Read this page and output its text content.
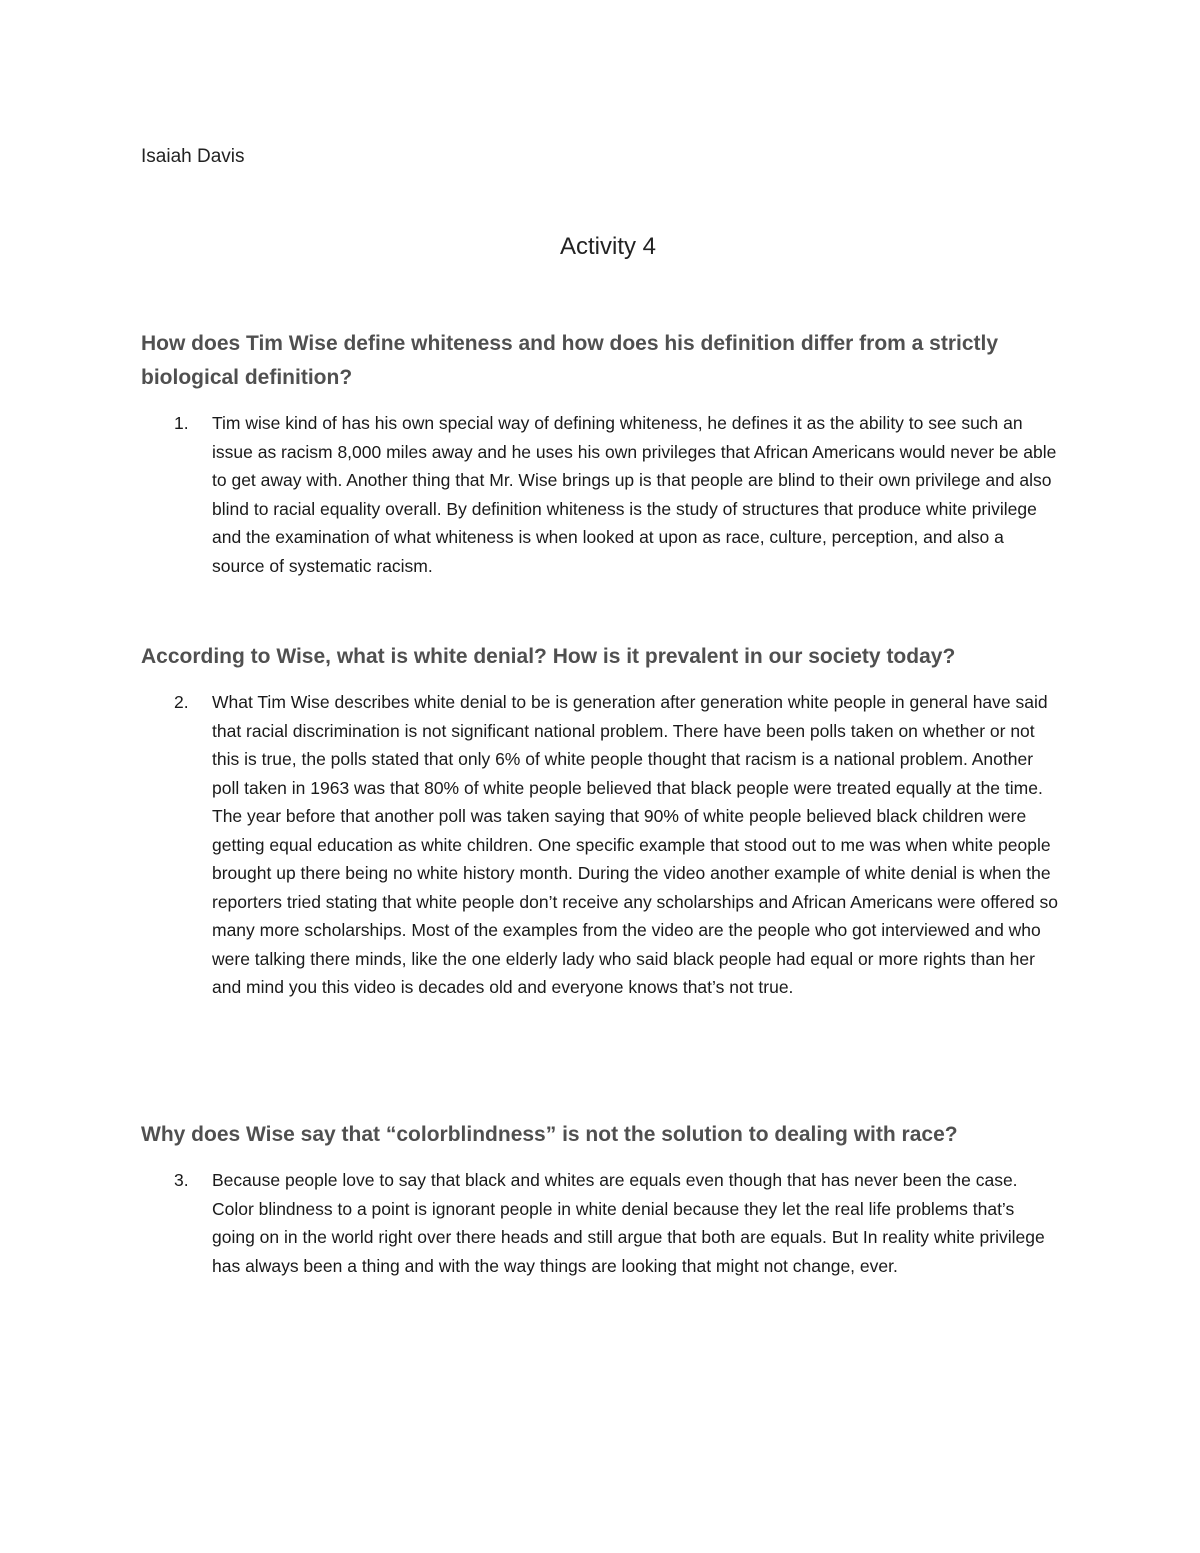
Isaiah Davis
Activity 4
How does Tim Wise define whiteness and how does his definition differ from a strictly biological definition?
1. Tim wise kind of has his own special way of defining whiteness, he defines it as the ability to see such an issue as racism 8,000 miles away and he uses his own privileges that African Americans would never be able to get away with. Another thing that Mr. Wise brings up is that people are blind to their own privilege and also blind to racial equality overall. By definition whiteness is the study of structures that produce white privilege and the examination of what whiteness is when looked at upon as race, culture, perception, and also a source of systematic racism.
According to Wise, what is white denial? How is it prevalent in our society today?
2. What Tim Wise describes white denial to be is generation after generation white people in general have said that racial discrimination is not significant national problem. There have been polls taken on whether or not this is true, the polls stated that only 6% of white people thought that racism is a national problem. Another poll taken in 1963 was that 80% of white people believed that black people were treated equally at the time. The year before that another poll was taken saying that 90% of white people believed black children were getting equal education as white children. One specific example that stood out to me was when white people brought up there being no white history month. During the video another example of white denial is when the reporters tried stating that white people don’t receive any scholarships and African Americans were offered so many more scholarships. Most of the examples from the video are the people who got interviewed and who were talking there minds, like the one elderly lady who said black people had equal or more rights than her and mind you this video is decades old and everyone knows that’s not true.
Why does Wise say that “colorblindness” is not the solution to dealing with race?
3. Because people love to say that black and whites are equals even though that has never been the case. Color blindness to a point is ignorant people in white denial because they let the real life problems that’s going on in the world right over there heads and still argue that both are equals. But In reality white privilege has always been a thing and with the way things are looking that might not change, ever.
